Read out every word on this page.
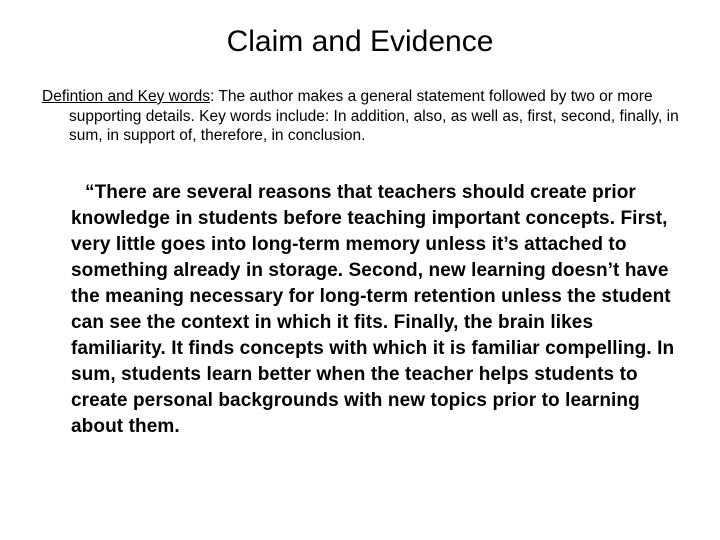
Claim and Evidence
Defintion and Key words: The author makes a general statement followed by two or more supporting details. Key words include: In addition, also, as well as, first, second, finally, in sum, in support of, therefore, in conclusion.
“There are several reasons that teachers should create prior knowledge in students before teaching important concepts. First, very little goes into long-term memory unless it’s attached to something already in storage. Second, new learning doesn’t have the meaning necessary for long-term retention unless the student can see the context in which it fits. Finally, the brain likes familiarity. It finds concepts with which it is familiar compelling. In sum, students learn better when the teacher helps students to create personal backgrounds with new topics prior to learning about them.
